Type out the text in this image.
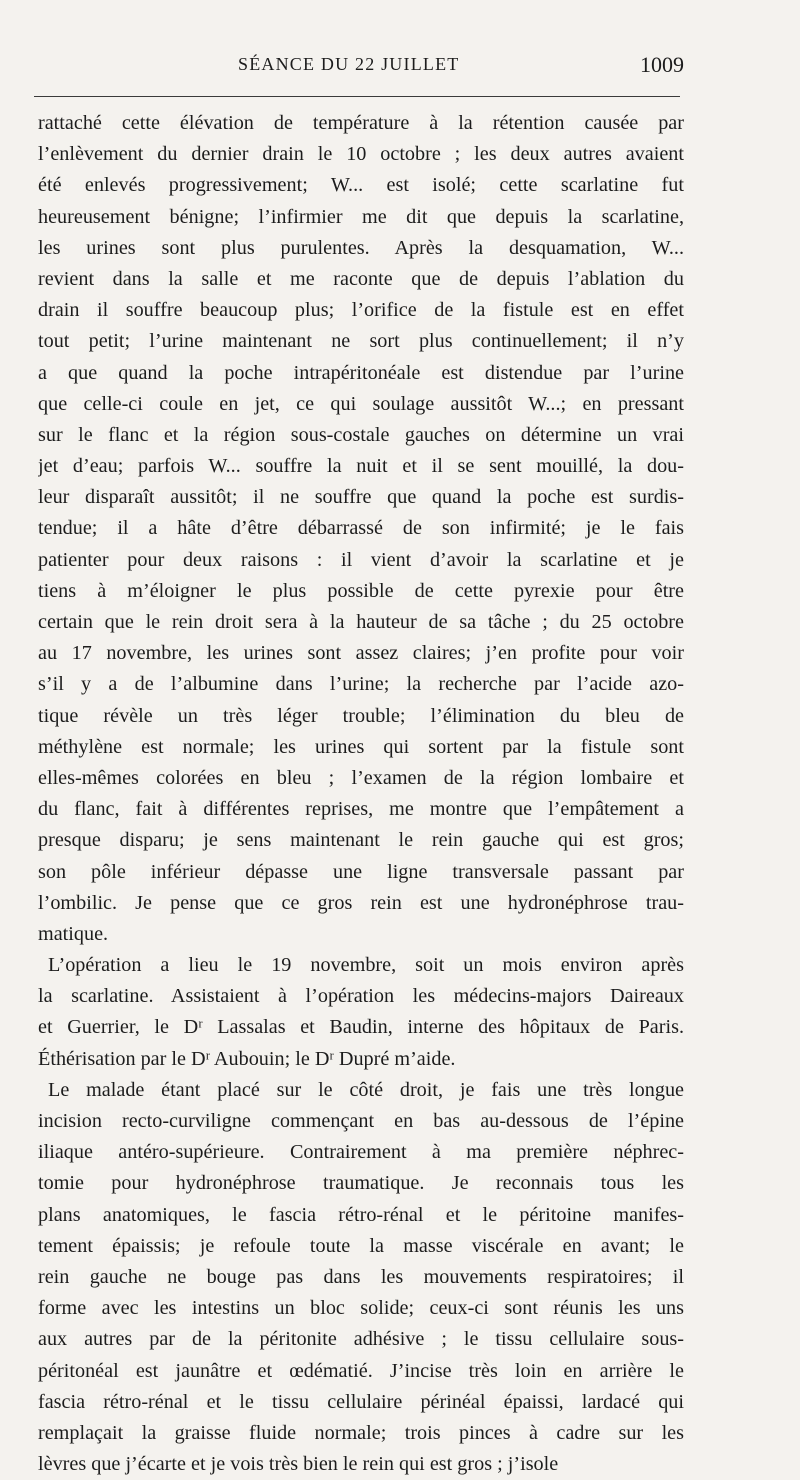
SÉANCE DU 22 JUILLET	1009
rattaché cette élévation de température à la rétention causée par
l’enlèvement du dernier drain le 10 octobre ; les deux autres avaient
été enlevés progressivement; W... est isolé; cette scarlatine fut
heureusement bénigne; l’infirmier me dit que depuis la scarlatine,
les urines sont plus purulentes. Après la desquamation, W...
revient dans la salle et me raconte que de depuis l’ablation du
drain il souffre beaucoup plus; l’orifice de la fistule est en effet
tout petit; l’urine maintenant ne sort plus continuellement; il n’y
a que quand la poche intrapéritonéale est distendue par l’urine
que celle-ci coule en jet, ce qui soulage aussitôt W...; en pressant
sur le flanc et la région sous-costale gauches on détermine un vrai
jet d’eau; parfois W... souffre la nuit et il se sent mouillé, la dou-
leur disparaît aussitôt; il ne souffre que quand la poche est surdis-
tendue; il a hâte d’être débarrassé de son infirmité; je le fais
patienter pour deux raisons : il vient d’avoir la scarlatine et je
tiens à m’éloigner le plus possible de cette pyrexie pour être
certain que le rein droit sera à la hauteur de sa tâche ; du 25 octobre
au 17 novembre, les urines sont assez claires; j’en profite pour voir
s’il y a de l’albumine dans l’urine; la recherche par l’acide azo-
tique révèle un très léger trouble; l’élimination du bleu de
méthylène est normale; les urines qui sortent par la fistule sont
elles-mêmes colorées en bleu ; l’examen de la région lombaire et
du flanc, fait à différentes reprises, me montre que l’empâtement a
presque disparu; je sens maintenant le rein gauche qui est gros;
son pôle inférieur dépasse une ligne transversale passant par
l’ombilic. Je pense que ce gros rein est une hydronéphrose trau-
matique.
L’opération a lieu le 19 novembre, soit un mois environ après
la scarlatine. Assistaient à l’opération les médecins-majors Daireaux
et Guerrier, le Dʳ Lassalas et Baudin, interne des hôpitaux de Paris.
Éthérisation par le Dʳ Aubouin; le Dʳ Dupré m’aide.
Le malade étant placé sur le côté droit, je fais une très longue
incision recto-curviligne commençant en bas au-dessous de l’épine
iliaque antéro-supérieure. Contrairement à ma première néphrec-
tomie pour hydronéphrose traumatique. Je reconnais tous les
plans anatomiques, le fascia rétro-rénal et le péritoine manifes-
tement épaissis; je refoule toute la masse viscérale en avant; le
rein gauche ne bouge pas dans les mouvements respiratoires; il
forme avec les intestins un bloc solide; ceux-ci sont réunis les uns
aux autres par de la péritonite adhésive ; le tissu cellulaire sous-
péritonéal est jaunâtre et œdématié. J’incise très loin en arrière le
fascia rétro-rénal et le tissu cellulaire périnéal épaissi, lardacé qui
remplaçait la graisse fluide normale; trois pinces à cadre sur les
lèvres que j’écarte et je vois très bien le rein qui est gros ; j’isole
